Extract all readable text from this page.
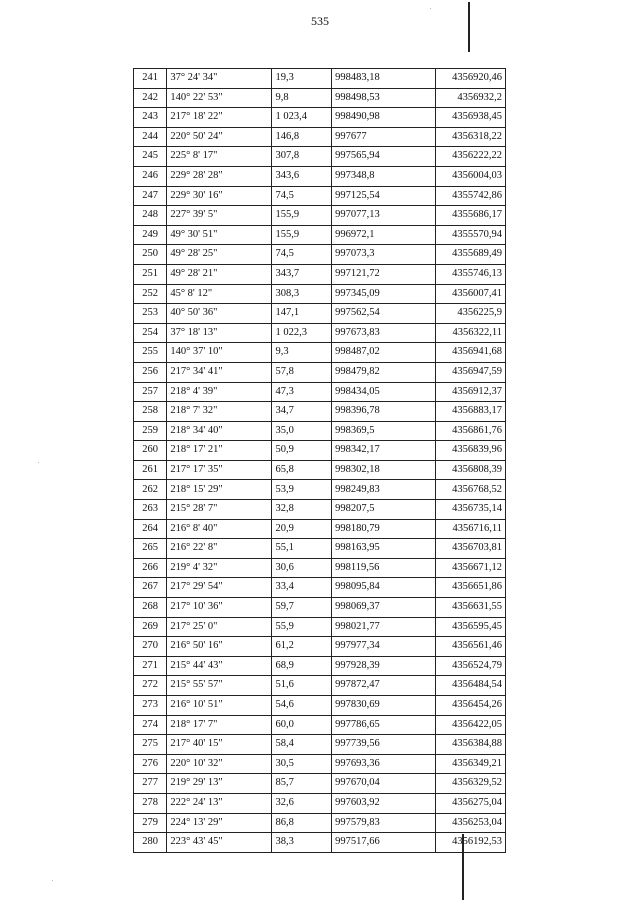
535
241	37° 24' 34"	19,3	998483,18	4356920,46
242	140° 22' 53"	9,8	998498,53	4356932,2
243	217° 18' 22"	1 023,4	998490,98	4356938,45
244	220° 50' 24"	146,8	997677	4356318,22
245	225° 8' 17"	307,8	997565,94	4356222,22
246	229° 28' 28"	343,6	997348,8	4356004,03
247	229° 30' 16"	74,5	997125,54	4355742,86
248	227° 39' 5"	155,9	997077,13	4355686,17
249	49° 30' 51"	155,9	996972,1	4355570,94
250	49° 28' 25"	74,5	997073,3	4355689,49
251	49° 28' 21"	343,7	997121,72	4355746,13
252	45° 8' 12"	308,3	997345,09	4356007,41
253	40° 50' 36"	147,1	997562,54	4356225,9
254	37° 18' 13"	1 022,3	997673,83	4356322,11
255	140° 37' 10"	9,3	998487,02	4356941,68
256	217° 34' 41"	57,8	998479,82	4356947,59
257	218° 4' 39"	47,3	998434,05	4356912,37
258	218° 7' 32"	34,7	998396,78	4356883,17
259	218° 34' 40"	35,0	998369,5	4356861,76
260	218° 17' 21"	50,9	998342,17	4356839,96
261	217° 17' 35"	65,8	998302,18	4356808,39
262	218° 15' 29"	53,9	998249,83	4356768,52
263	215° 28' 7"	32,8	998207,5	4356735,14
264	216° 8' 40"	20,9	998180,79	4356716,11
265	216° 22' 8"	55,1	998163,95	4356703,81
266	219° 4' 32"	30,6	998119,56	4356671,12
267	217° 29' 54"	33,4	998095,84	4356651,86
268	217° 10' 36"	59,7	998069,37	4356631,55
269	217° 25' 0"	55,9	998021,77	4356595,45
270	216° 50' 16"	61,2	997977,34	4356561,46
271	215° 44' 43"	68,9	997928,39	4356524,79
272	215° 55' 57"	51,6	997872,47	4356484,54
273	216° 10' 51"	54,6	997830,69	4356454,26
274	218° 17' 7"	60,0	997786,65	4356422,05
275	217° 40' 15"	58,4	997739,56	4356384,88
276	220° 10' 32"	30,5	997693,36	4356349,21
277	219° 29' 13"	85,7	997670,04	4356329,52
278	222° 24' 13"	32,6	997603,92	4356275,04
279	224° 13' 29"	86,8	997579,83	4356253,04
280	223° 43' 45"	38,3	997517,66	4356192,53
